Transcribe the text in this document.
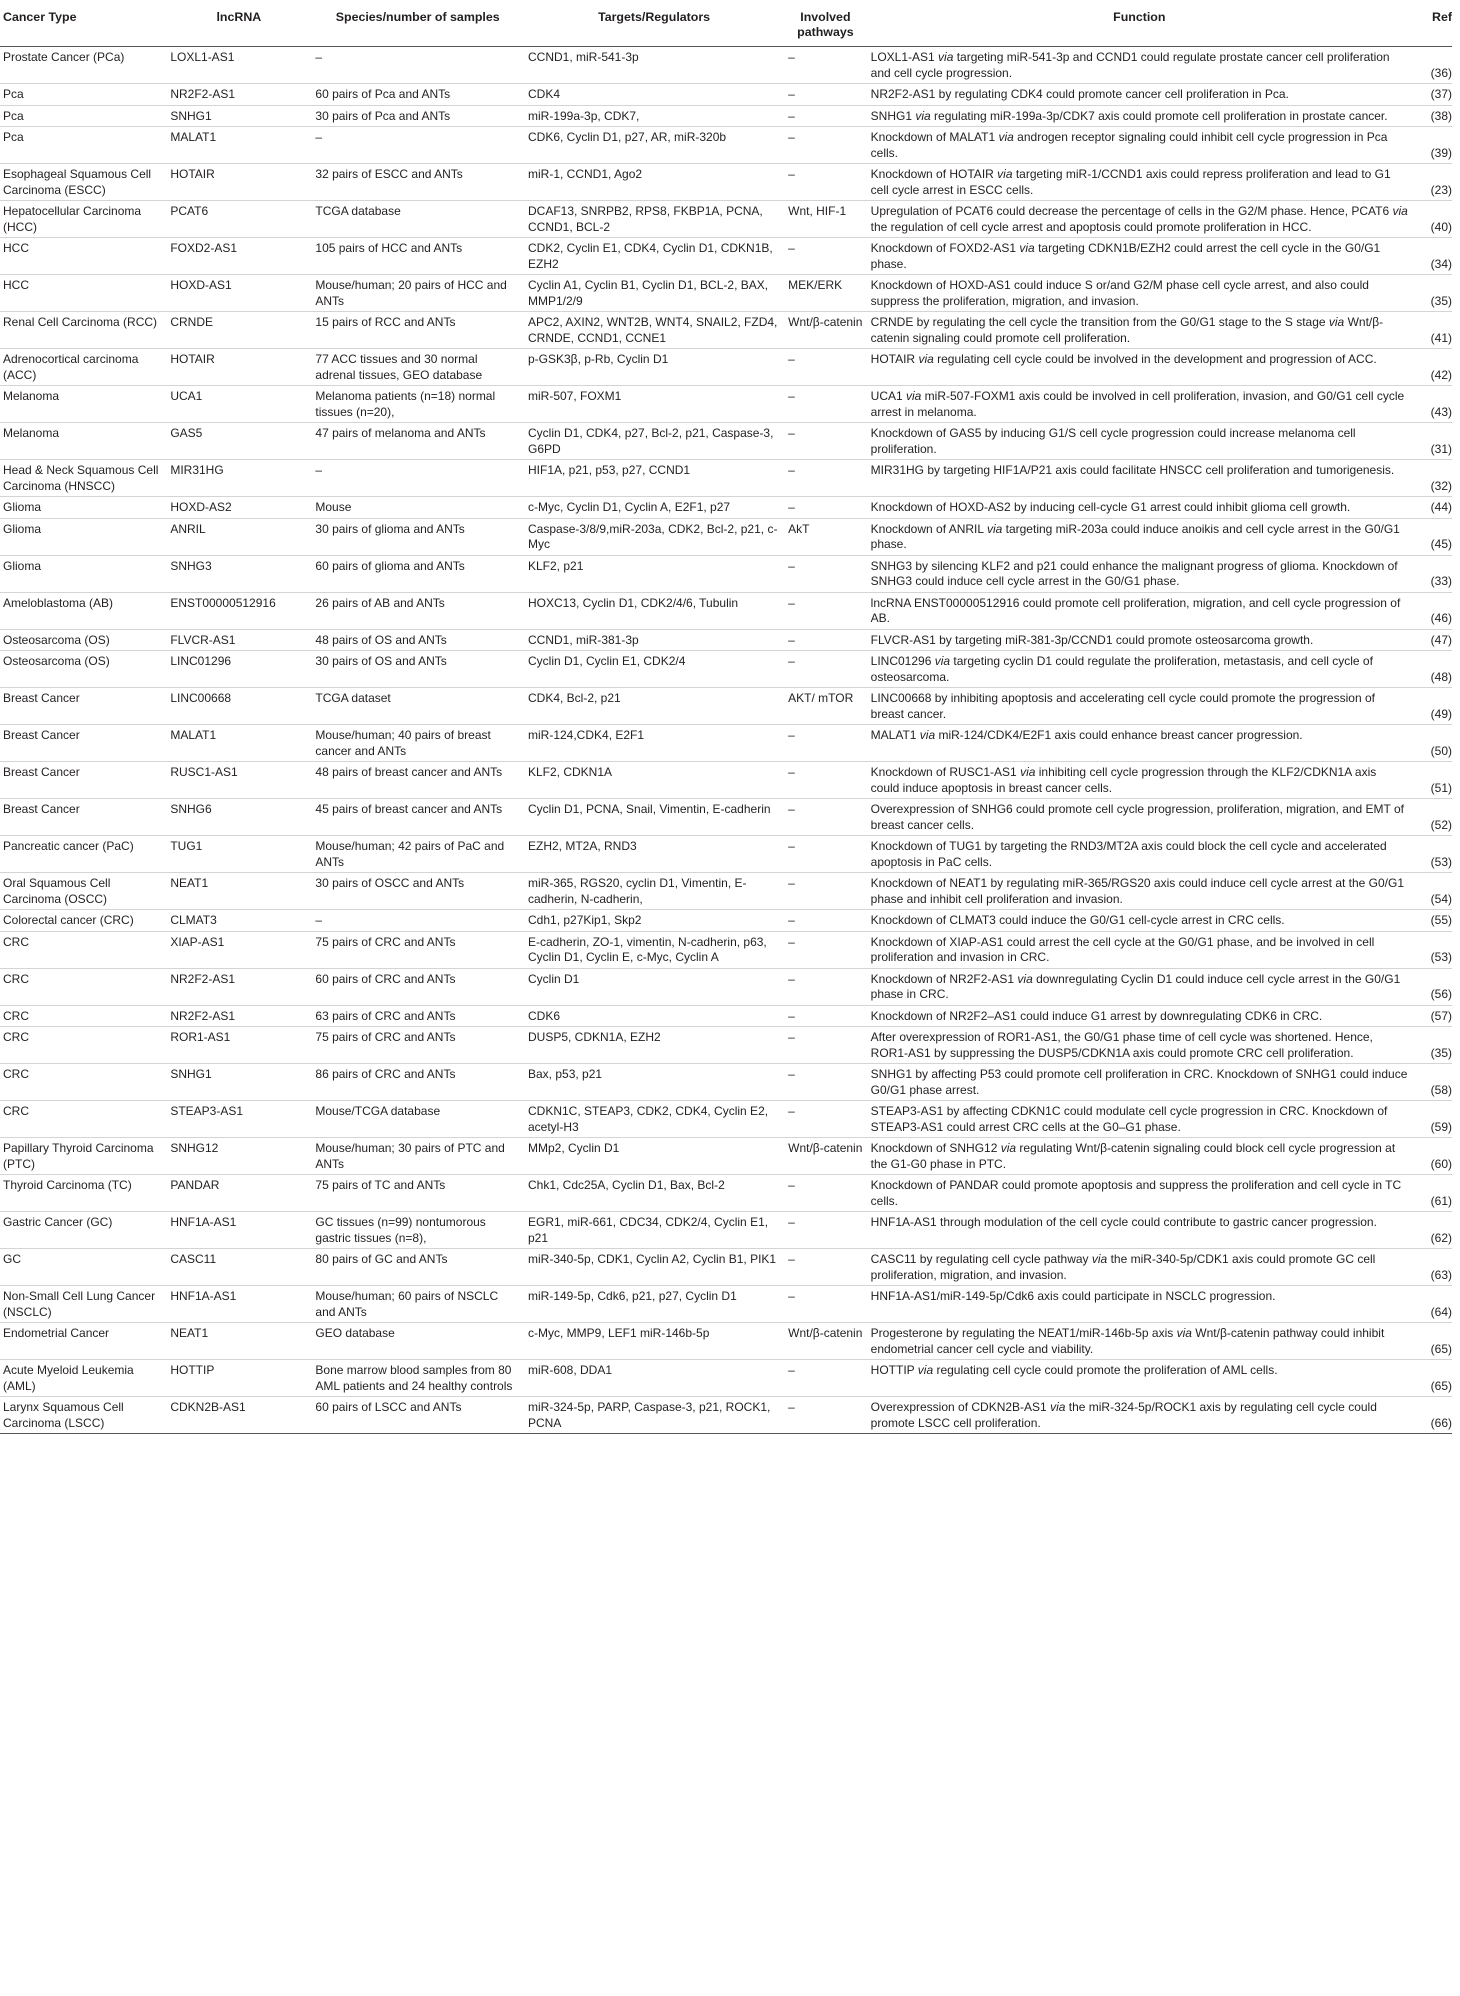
Cancer Type	lncRNA	Species/number of samples	Targets/Regulators	Involved pathways	Function	Ref
Prostate Cancer (PCa)	LOXL1-AS1	–	CCND1, miR-541-3p	–	LOXL1-AS1 via targeting miR-541-3p and CCND1 could regulate prostate cancer cell proliferation and cell cycle progression.	(36)
Pca	NR2F2-AS1	60 pairs of Pca and ANTs	CDK4	–	NR2F2-AS1 by regulating CDK4 could promote cancer cell proliferation in Pca.	(37)
Pca	SNHG1	30 pairs of Pca and ANTs	miR-199a-3p, CDK7,	–	SNHG1 via regulating miR-199a-3p/CDK7 axis could promote cell proliferation in prostate cancer.	(38)
Pca	MALAT1	–	CDK6, Cyclin D1, p27, AR, miR-320b	–	Knockdown of MALAT1 via androgen receptor signaling could inhibit cell cycle progression in Pca cells.	(39)
Esophageal Squamous Cell Carcinoma (ESCC)	HOTAIR	32 pairs of ESCC and ANTs	miR-1, CCND1, Ago2	–	Knockdown of HOTAIR via targeting miR-1/CCND1 axis could repress proliferation and lead to G1 cell cycle arrest in ESCC cells.	(23)
Hepatocellular Carcinoma (HCC)	PCAT6	TCGA database	DCAF13, SNRPB2, RPS8, FKBP1A, PCNA, CCND1, BCL-2	Wnt, HIF-1	Upregulation of PCAT6 could decrease the percentage of cells in the G2/M phase. Hence, PCAT6 via the regulation of cell cycle arrest and apoptosis could promote proliferation in HCC.	(40)
HCC	FOXD2-AS1	105 pairs of HCC and ANTs	CDK2, Cyclin E1, CDK4, Cyclin D1, CDKN1B, EZH2	–	Knockdown of FOXD2-AS1 via targeting CDKN1B/EZH2 could arrest the cell cycle in the G0/G1 phase.	(34)
HCC	HOXD-AS1	Mouse/human; 20 pairs of HCC and ANTs	Cyclin A1, Cyclin B1, Cyclin D1, BCL-2, BAX, MMP1/2/9	MEK/ERK	Knockdown of HOXD-AS1 could induce S or/and G2/M phase cell cycle arrest, and also could suppress the proliferation, migration, and invasion.	(35)
Renal Cell Carcinoma (RCC)	CRNDE	15 pairs of RCC and ANTs	APC2, AXIN2, WNT2B, WNT4, SNAIL2, FZD4, CRNDE, CCND1, CCNE1	Wnt/β-catenin	CRNDE by regulating the cell cycle the transition from the G0/G1 stage to the S stage via Wnt/β-catenin signaling could promote cell proliferation.	(41)
Adrenocortical carcinoma (ACC)	HOTAIR	77 ACC tissues and 30 normal adrenal tissues, GEO database	p-GSK3β, p-Rb, Cyclin D1	–	HOTAIR via regulating cell cycle could be involved in the development and progression of ACC.	(42)
Melanoma	UCA1	Melanoma patients (n=18) normal tissues (n=20),	miR-507, FOXM1	–	UCA1 via miR-507-FOXM1 axis could be involved in cell proliferation, invasion, and G0/G1 cell cycle arrest in melanoma.	(43)
Melanoma	GAS5	47 pairs of melanoma and ANTs	Cyclin D1, CDK4, p27, Bcl-2, p21, Caspase-3, G6PD	–	Knockdown of GAS5 by inducing G1/S cell cycle progression could increase melanoma cell proliferation.	(31)
Head & Neck Squamous Cell Carcinoma (HNSCC)	MIR31HG	–	HIF1A, p21, p53, p27, CCND1	–	MIR31HG by targeting HIF1A/P21 axis could facilitate HNSCC cell proliferation and tumorigenesis.	(32)
Glioma	HOXD-AS2	Mouse	c-Myc, Cyclin D1, Cyclin A, E2F1, p27	–	Knockdown of HOXD-AS2 by inducing cell-cycle G1 arrest could inhibit glioma cell growth.	(44)
Glioma	ANRIL	30 pairs of glioma and ANTs	Caspase-3/8/9,miR-203a, CDK2, Bcl-2, p21, c-Myc	AkT	Knockdown of ANRIL via targeting miR-203a could induce anoikis and cell cycle arrest in the G0/G1 phase.	(45)
Glioma	SNHG3	60 pairs of glioma and ANTs	KLF2, p21	–	SNHG3 by silencing KLF2 and p21 could enhance the malignant progress of glioma. Knockdown of SNHG3 could induce cell cycle arrest in the G0/G1 phase.	(33)
Ameloblastoma (AB)	ENST00000512916	26 pairs of AB and ANTs	HOXC13, Cyclin D1, CDK2/4/6, Tubulin	–	lncRNA ENST00000512916 could promote cell proliferation, migration, and cell cycle progression of AB.	(46)
Osteosarcoma (OS)	FLVCR-AS1	48 pairs of OS and ANTs	CCND1, miR-381-3p	–	FLVCR-AS1 by targeting miR-381-3p/CCND1 could promote osteosarcoma growth.	(47)
Osteosarcoma (OS)	LINC01296	30 pairs of OS and ANTs	Cyclin D1, Cyclin E1, CDK2/4	–	LINC01296 via targeting cyclin D1 could regulate the proliferation, metastasis, and cell cycle of osteosarcoma.	(48)
Breast Cancer	LINC00668	TCGA dataset	CDK4, Bcl-2, p21	AKT/ mTOR	LINC00668 by inhibiting apoptosis and accelerating cell cycle could promote the progression of breast cancer.	(49)
Breast Cancer	MALAT1	Mouse/human; 40 pairs of breast cancer and ANTs	miR-124,CDK4, E2F1	–	MALAT1 via miR-124/CDK4/E2F1 axis could enhance breast cancer progression.	(50)
Breast Cancer	RUSC1-AS1	48 pairs of breast cancer and ANTs	KLF2, CDKN1A	–	Knockdown of RUSC1-AS1 via inhibiting cell cycle progression through the KLF2/CDKN1A axis could induce apoptosis in breast cancer cells.	(51)
Breast Cancer	SNHG6	45 pairs of breast cancer and ANTs	Cyclin D1, PCNA, Snail, Vimentin, E-cadherin	–	Overexpression of SNHG6 could promote cell cycle progression, proliferation, migration, and EMT of breast cancer cells.	(52)
Pancreatic cancer (PaC)	TUG1	Mouse/human; 42 pairs of PaC and ANTs	EZH2, MT2A, RND3	–	Knockdown of TUG1 by targeting the RND3/MT2A axis could block the cell cycle and accelerated apoptosis in PaC cells.	(53)
Oral Squamous Cell Carcinoma (OSCC)	NEAT1	30 pairs of OSCC and ANTs	miR-365, RGS20, cyclin D1, Vimentin, E-cadherin, N-cadherin,	–	Knockdown of NEAT1 by regulating miR-365/RGS20 axis could induce cell cycle arrest at the G0/G1 phase and inhibit cell proliferation and invasion.	(54)
Colorectal cancer (CRC)	CLMAT3	–	Cdh1, p27Kip1, Skp2	–	Knockdown of CLMAT3 could induce the G0/G1 cell-cycle arrest in CRC cells.	(55)
CRC	XIAP-AS1	75 pairs of CRC and ANTs	E-cadherin, ZO-1, vimentin, N-cadherin, p63, Cyclin D1, Cyclin E, c-Myc, Cyclin A	–	Knockdown of XIAP-AS1 could arrest the cell cycle at the G0/G1 phase, and be involved in cell proliferation and invasion in CRC.	(53)
CRC	NR2F2-AS1	60 pairs of CRC and ANTs	Cyclin D1	–	Knockdown of NR2F2-AS1 via downregulating Cyclin D1 could induce cell cycle arrest in the G0/G1 phase in CRC.	(56)
CRC	NR2F2-AS1	63 pairs of CRC and ANTs	CDK6	–	Knockdown of NR2F2–AS1 could induce G1 arrest by downregulating CDK6 in CRC.	(57)
CRC	ROR1-AS1	75 pairs of CRC and ANTs	DUSP5, CDKN1A, EZH2	–	After overexpression of ROR1-AS1, the G0/G1 phase time of cell cycle was shortened. Hence, ROR1-AS1 by suppressing the DUSP5/CDKN1A axis could promote CRC cell proliferation.	(35)
CRC	SNHG1	86 pairs of CRC and ANTs	Bax, p53, p21	–	SNHG1 by affecting P53 could promote cell proliferation in CRC. Knockdown of SNHG1 could induce G0/G1 phase arrest.	(58)
CRC	STEAP3-AS1	Mouse/TCGA database	CDKN1C, STEAP3, CDK2, CDK4, Cyclin E2, acetyl-H3	–	STEAP3-AS1 by affecting CDKN1C could modulate cell cycle progression in CRC. Knockdown of STEAP3-AS1 could arrest CRC cells at the G0–G1 phase.	(59)
Papillary Thyroid Carcinoma (PTC)	SNHG12	Mouse/human; 30 pairs of PTC and ANTs	MMp2, Cyclin D1	Wnt/β-catenin	Knockdown of SNHG12 via regulating Wnt/β-catenin signaling could block cell cycle progression at the G1-G0 phase in PTC.	(60)
Thyroid Carcinoma (TC)	PANDAR	75 pairs of TC and ANTs	Chk1, Cdc25A, Cyclin D1, Bax, Bcl-2	–	Knockdown of PANDAR could promote apoptosis and suppress the proliferation and cell cycle in TC cells.	(61)
Gastric Cancer (GC)	HNF1A-AS1	GC tissues (n=99) nontumorous gastric tissues (n=8),	EGR1, miR-661, CDC34, CDK2/4, Cyclin E1, p21	–	HNF1A-AS1 through modulation of the cell cycle could contribute to gastric cancer progression.	(62)
GC	CASC11	80 pairs of GC and ANTs	miR-340-5p, CDK1, Cyclin A2, Cyclin B1, PIK1	–	CASC11 by regulating cell cycle pathway via the miR-340-5p/CDK1 axis could promote GC cell proliferation, migration, and invasion.	(63)
Non-Small Cell Lung Cancer (NSCLC)	HNF1A-AS1	Mouse/human; 60 pairs of NSCLC and ANTs	miR-149-5p, Cdk6, p21, p27, Cyclin D1	–	HNF1A-AS1/miR-149-5p/Cdk6 axis could participate in NSCLC progression.	(64)
Endometrial Cancer	NEAT1	GEO database	c-Myc, MMP9, LEF1 miR-146b-5p	Wnt/β-catenin	Progesterone by regulating the NEAT1/miR-146b-5p axis via Wnt/β-catenin pathway could inhibit endometrial cancer cell cycle and viability.	(65)
Acute Myeloid Leukemia (AML)	HOTTIP	Bone marrow blood samples from 80 AML patients and 24 healthy controls	miR-608, DDA1	–	HOTTIP via regulating cell cycle could promote the proliferation of AML cells.	(65)
Larynx Squamous Cell Carcinoma (LSCC)	CDKN2B-AS1	60 pairs of LSCC and ANTs	miR-324-5p, PARP, Caspase-3, p21, ROCK1, PCNA	–	Overexpression of CDKN2B-AS1 via the miR-324-5p/ROCK1 axis by regulating cell cycle could promote LSCC cell proliferation.	(66)
